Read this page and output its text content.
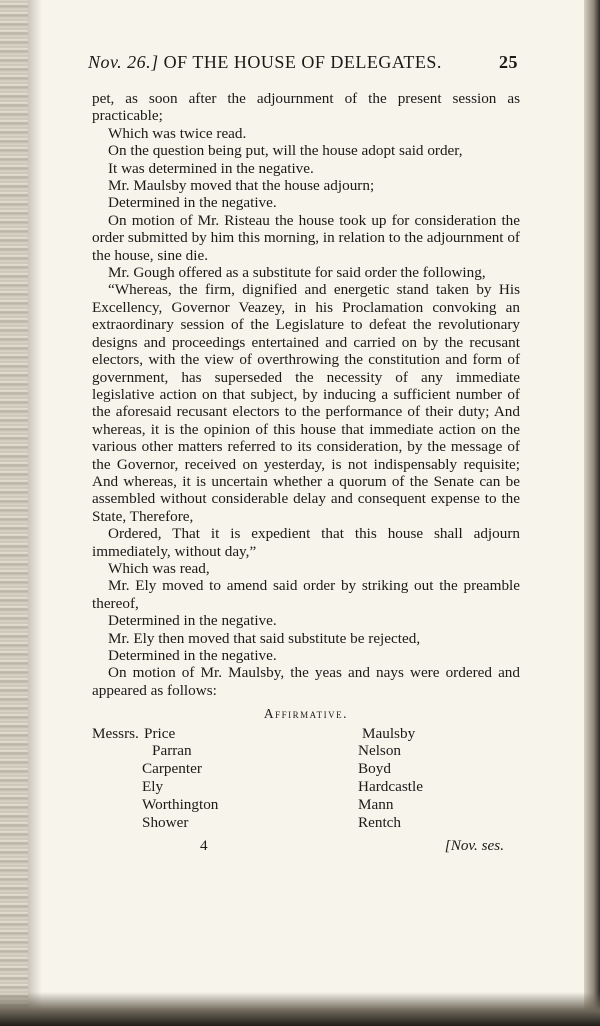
Nov. 26.] OF THE HOUSE OF DELEGATES.	25

pet, as soon after the adjournment of the present session as practicable;

Which was twice read.

On the question being put, will the house adopt said order,

It was determined in the negative.

Mr. Maulsby moved that the house adjourn;

Determined in the negative.

On motion of Mr. Risteau the house took up for consideration the order submitted by him this morning, in relation to the adjournment of the house, sine die.

Mr. Gough offered as a substitute for said order the following,

“Whereas, the firm, dignified and energetic stand taken by His Excellency, Governor Veazey, in his Proclamation convoking an extraordinary session of the Legislature to defeat the revolutionary designs and proceedings entertained and carried on by the recusant electors, with the view of overthrowing the constitution and form of government, has superseded the necessity of any immediate legislative action on that subject, by inducing a sufficient number of the aforesaid recusant electors to the performance of their duty; And whereas, it is the opinion of this house that immediate action on the various other matters referred to its consideration, by the message of the Governor, received on yesterday, is not indispensably requisite; And whereas, it is uncertain whether a quorum of the Senate can be assembled without considerable delay and consequent expense to the State, Therefore,

Ordered, That it is expedient that this house shall adjourn immediately, without day,”

Which was read,

Mr. Ely moved to amend said order by striking out the preamble thereof,

Determined in the negative.

Mr. Ely then moved that said substitute be rejected,

Determined in the negative.

On motion of Mr. Maulsby, the yeas and nays were ordered and appeared as follows:

Affirmative.
Messrs. Price
Parran
Carpenter
Ely
Worthington
Shower
Maulsby
Nelson
Boyd
Hardcastle
Mann
Rentch
4	[Nov. ses.
